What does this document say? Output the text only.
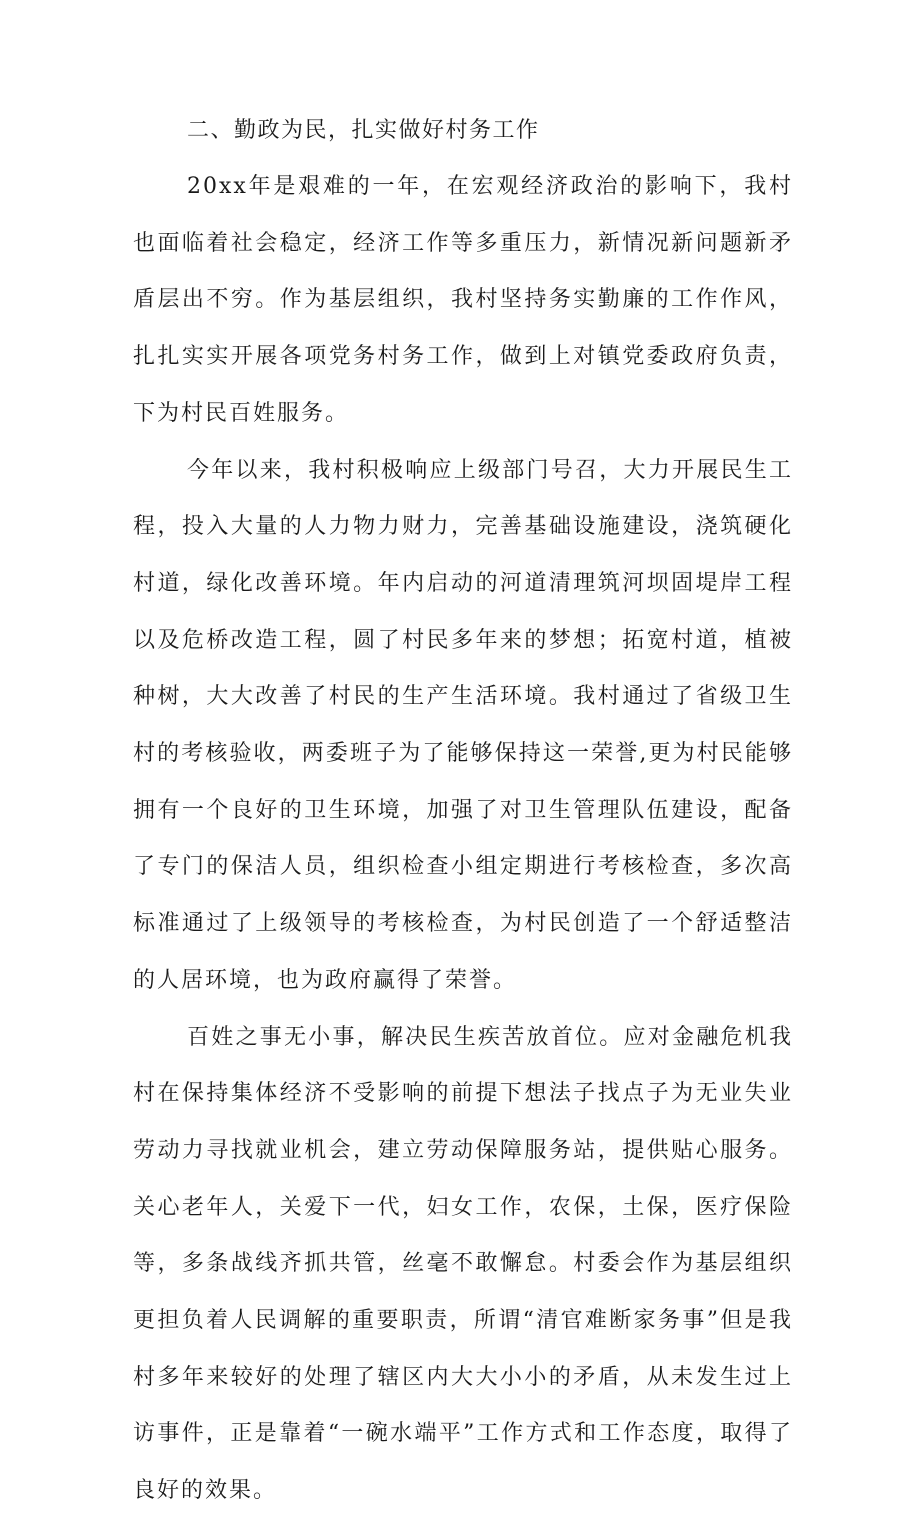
二、勤政为民，扎实做好村务工作

20xx年是艰难的一年，在宏观经济政治的影响下，我村也面临着社会稳定，经济工作等多重压力，新情况新问题新矛盾层出不穷。作为基层组织，我村坚持务实勤廉的工作作风，扎扎实实开展各项党务村务工作，做到上对镇党委政府负责，下为村民百姓服务。

今年以来，我村积极响应上级部门号召，大力开展民生工程，投入大量的人力物力财力，完善基础设施建设，浇筑硬化村道，绿化改善环境。年内启动的河道清理筑河坝固堤岸工程以及危桥改造工程，圆了村民多年来的梦想；拓宽村道，植被种树，大大改善了村民的生产生活环境。我村通过了省级卫生村的考核验收，两委班子为了能够保持这一荣誉,更为村民能够拥有一个良好的卫生环境，加强了对卫生管理队伍建设，配备了专门的保洁人员，组织检查小组定期进行考核检查，多次高标准通过了上级领导的考核检查，为村民创造了一个舒适整洁的人居环境，也为政府赢得了荣誉。

百姓之事无小事，解决民生疾苦放首位。应对金融危机我村在保持集体经济不受影响的前提下想法子找点子为无业失业劳动力寻找就业机会，建立劳动保障服务站，提供贴心服务。关心老年人，关爱下一代，妇女工作，农保，土保，医疗保险等，多条战线齐抓共管，丝毫不敢懈怠。村委会作为基层组织更担负着人民调解的重要职责，所谓“清官难断家务事”但是我村多年来较好的处理了辖区内大大小小的矛盾，从未发生过上访事件，正是靠着“一碗水端平”工作方式和工作态度，取得了良好的效果。
